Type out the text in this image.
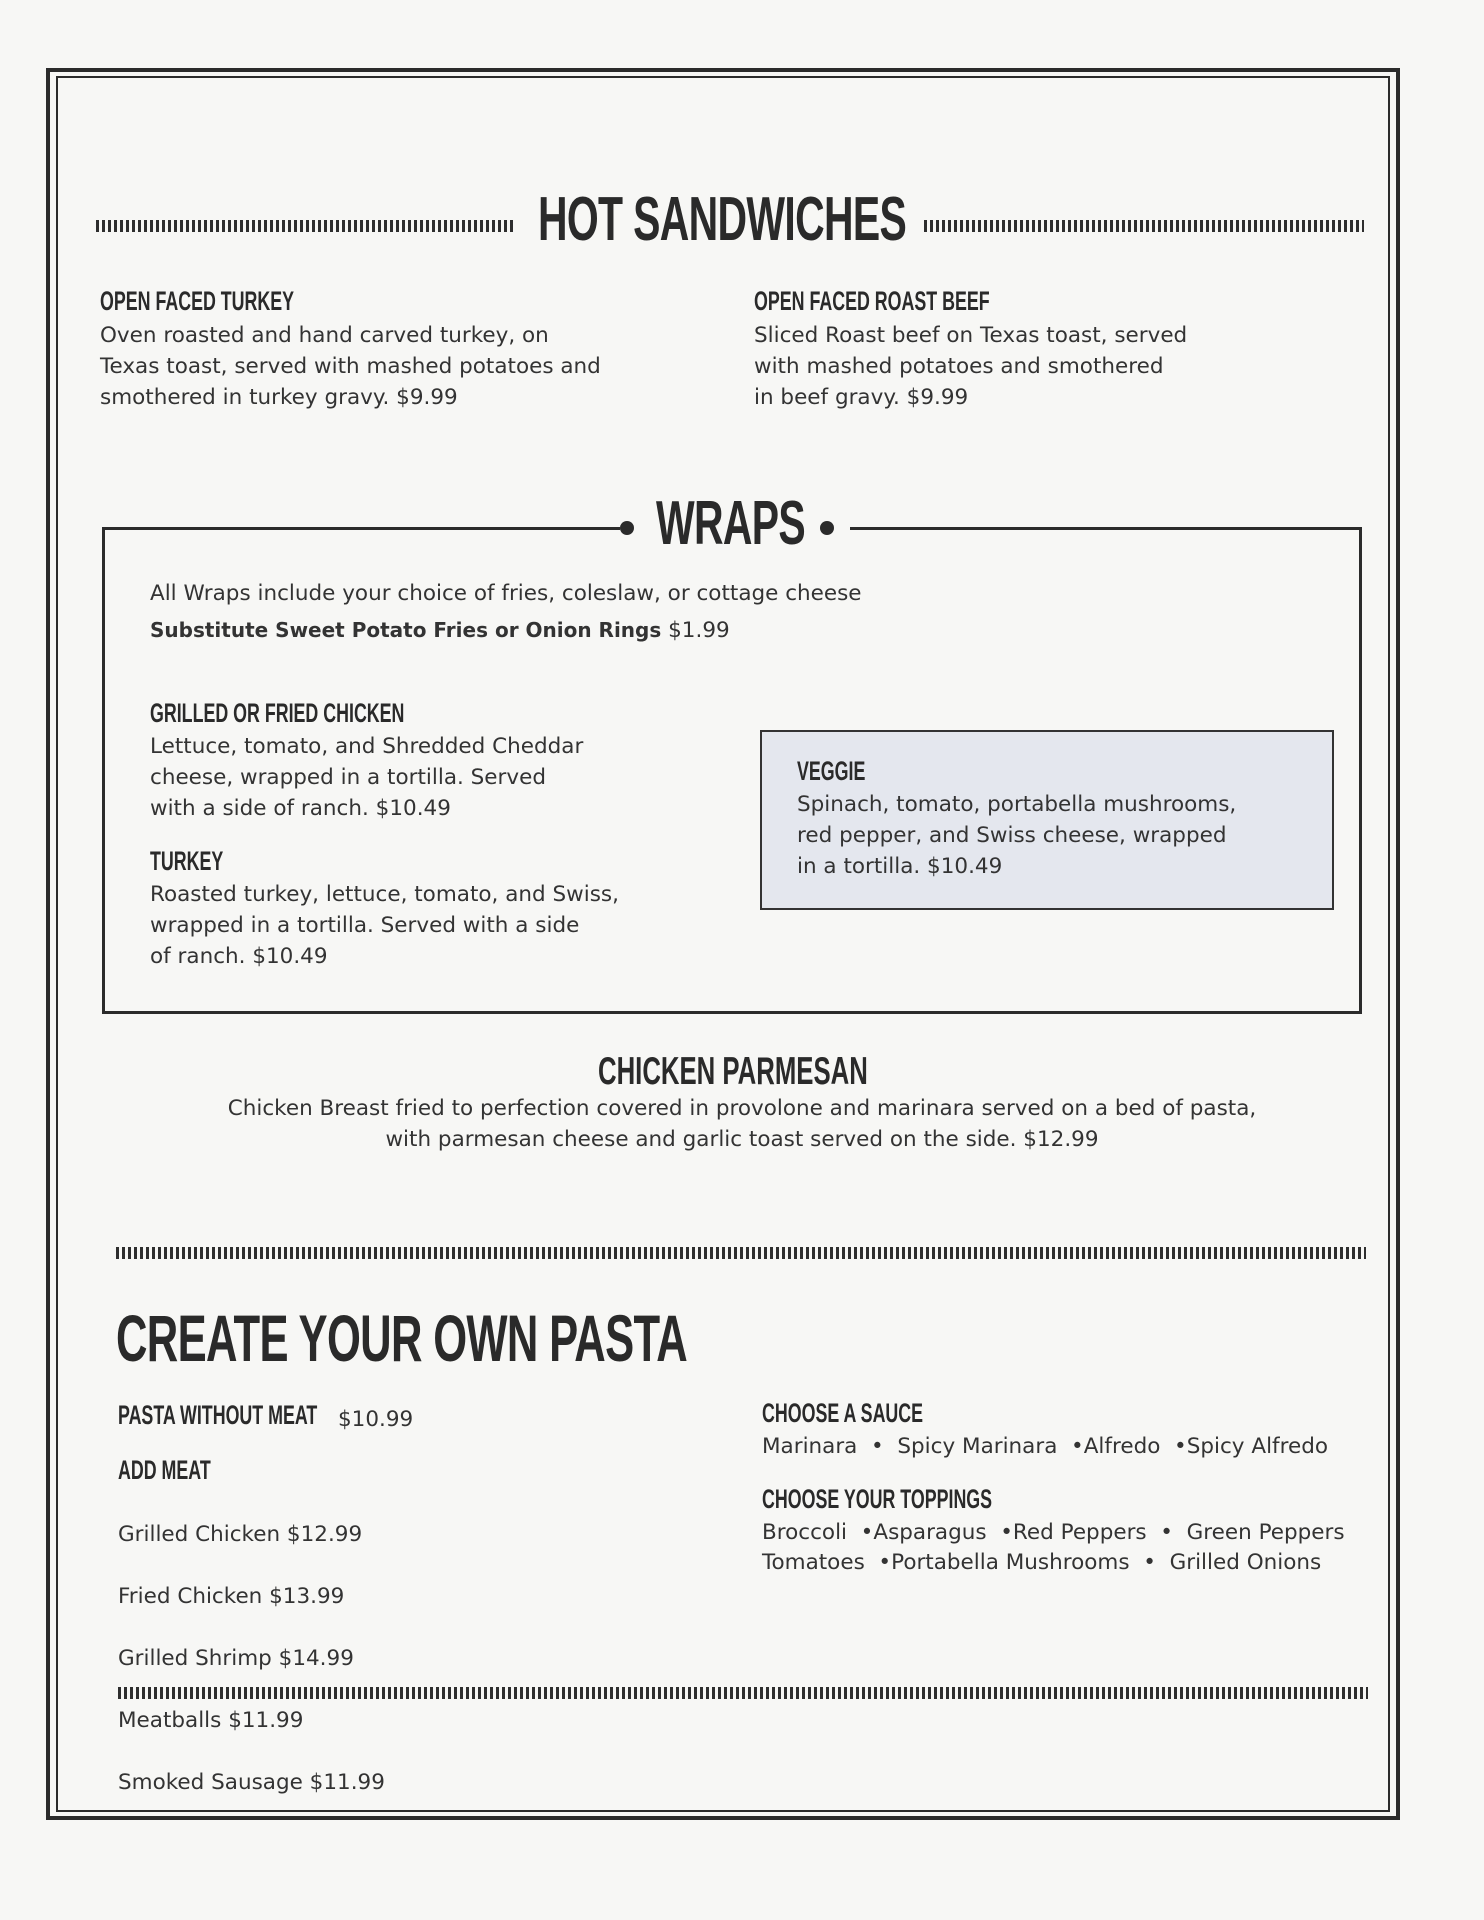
HOT SANDWICHES
OPEN FACED TURKEY
Oven roasted and hand carved turkey, on
Texas toast, served with mashed potatoes and
smothered in turkey gravy. $9.99
OPEN FACED ROAST BEEF
Sliced Roast beef on Texas toast, served
with mashed potatoes and smothered
in beef gravy. $9.99
WRAPS
All Wraps include your choice of fries, coleslaw, or cottage cheese
Substitute Sweet Potato Fries or Onion Rings $1.99
GRILLED OR FRIED CHICKEN
Lettuce, tomato, and Shredded Cheddar
cheese, wrapped in a tortilla. Served
with a side of ranch. $10.49
TURKEY
Roasted turkey, lettuce, tomato, and Swiss,
wrapped in a tortilla. Served with a side
of ranch. $10.49
VEGGIE
Spinach, tomato, portabella mushrooms,
red pepper, and Swiss cheese, wrapped
in a tortilla. $10.49
CHICKEN PARMESAN
Chicken Breast fried to perfection covered in provolone and marinara served on a bed of pasta,
with parmesan cheese and garlic toast served on the side. $12.99
CREATE YOUR OWN PASTA
PASTA WITHOUT MEAT $10.99
ADD MEAT

Grilled Chicken $12.99

Fried Chicken $13.99

Grilled Shrimp $14.99

Meatballs $11.99

Smoked Sausage $11.99

CHOOSE A SAUCE
Marinara  •  Spicy Marinara  •Alfredo  •Spicy Alfredo
CHOOSE YOUR TOPPINGS
Broccoli  •Asparagus  •Red Peppers  •  Green Peppers
Tomatoes  •Portabella Mushrooms  •  Grilled Onions
